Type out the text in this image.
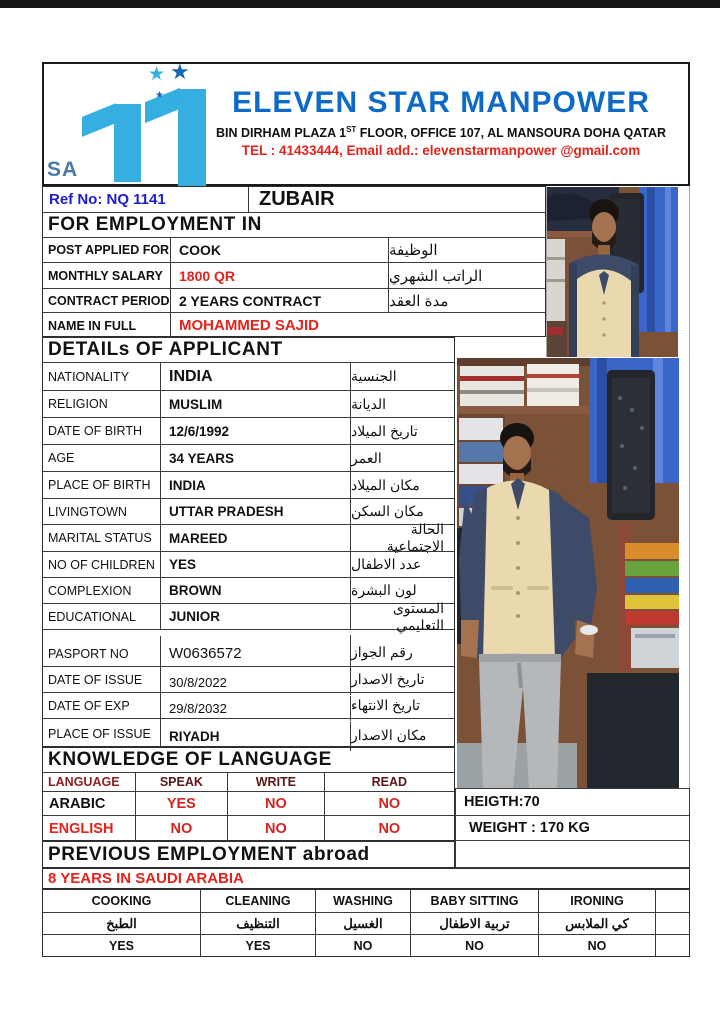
★ ★
★ ★
SA
ELEVEN STAR MANPOWER
BIN DIRHAM PLAZA 1ST FLOOR, OFFICE 107, AL MANSOURA DOHA QATAR
TEL : 41433444, Email add.: elevenstarmanpower @gmail.com
Ref No: NQ 1141	ZUBAIR
FOR EMPLOYMENT IN
POST APPLIED FOR COOK	الوظيفة
MONTHLY SALARY	1800 QR	الراتب الشهري
CONTRACT PERIOD 2 YEARS CONTRACT	مدة العقد
NAME IN FULL	MOHAMMED SAJID
DETAILs OF APPLICANT
NATIONALITY	INDIA	الجنسية
RELIGION	MUSLIM	الديانة
DATE OF BIRTH	12/6/1992	تاريخ الميلاد
AGE	34 YEARS	العمر
PLACE OF BIRTH	INDIA	مكان الميلاد
LIVINGTOWN	UTTAR PRADESH	مكان السكن
MARITAL STATUS	MAREED
الحالة الاجتماعية
NO OF CHILDREN	YES	عدد الاطفال
COMPLEXION	BROWN	لون البشرة
EDUCATIONAL	JUNIOR
المستوى التعليمي
PASPORT NO	W0636572	رقم الجواز
DATE OF ISSUE	30/8/2022	تاريخ الاصدار
DATE OF EXP	29/8/2032	تاريخ الانتهاء
PLACE OF ISSUE	RIYADH	مكان الاصدار
KNOWLEDGE OF LANGUAGE
LANGUAGE	SPEAK	WRITE	READ
ARABIC	YES	NO	NO
ENGLISH	NO	NO	NO
HEIGTH:70
WEIGHT : 170 KG
PREVIOUS EMPLOYMENT abroad
8 YEARS IN SAUDI ARABIA
COOKING	CLEANING	WASHING	BABY SITTING	IRONING
الطبخ	التنظيف	الغسيل	تربية الاطفال	كي الملابس
YES	YES	NO	NO	NO
